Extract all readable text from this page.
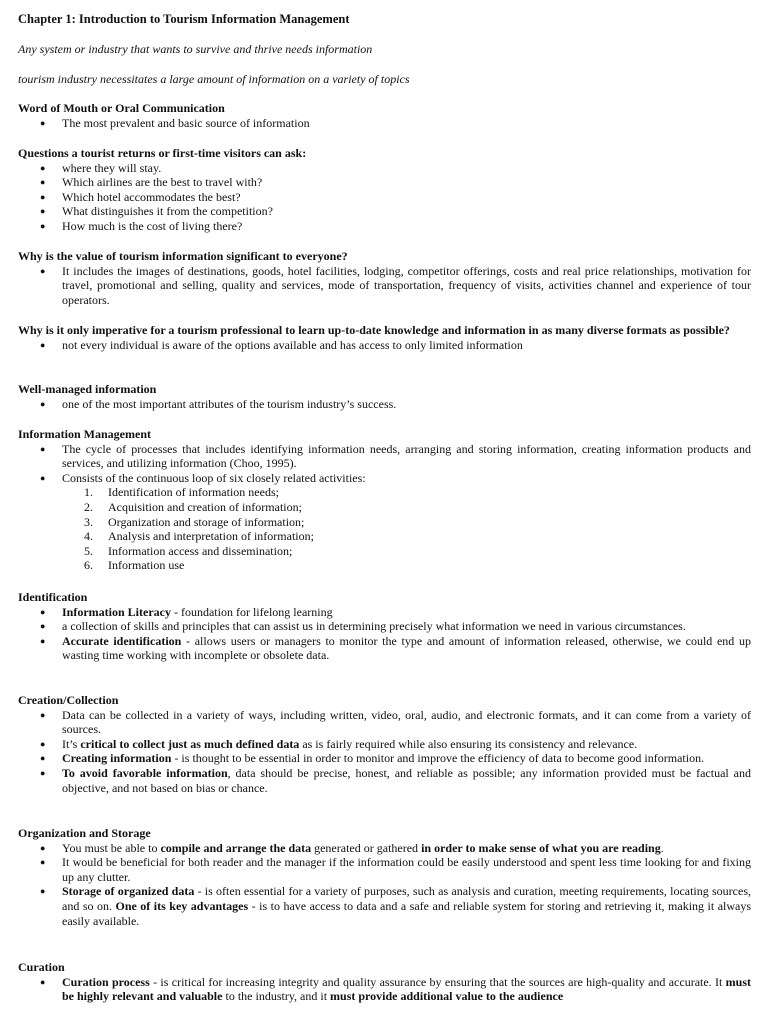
Chapter 1: Introduction to Tourism Information Management
Any system or industry that wants to survive and thrive needs information
tourism industry necessitates a large amount of information on a variety of topics
Word of Mouth or Oral Communication
● The most prevalent and basic source of information
Questions a tourist returns or first-time visitors can ask:
● where they will stay.
● Which airlines are the best to travel with?
● Which hotel accommodates the best?
● What distinguishes it from the competition?
● How much is the cost of living there?
Why is the value of tourism information significant to everyone?
● It includes the images of destinations, goods, hotel facilities, lodging, competitor offerings, costs and real price relationships, motivation for travel, promotional and selling, quality and services, mode of transportation, frequency of visits, activities channel and experience of tour operators.
Why is it only imperative for a tourism professional to learn up-to-date knowledge and information in as many diverse formats as possible?
● not every individual is aware of the options available and has access to only limited information
Well-managed information
● one of the most important attributes of the tourism industry’s success.
Information Management
● The cycle of processes that includes identifying information needs, arranging and storing information, creating information products and services, and utilizing information (Choo, 1995).
● Consists of the continuous loop of six closely related activities:
1. Identification of information needs;
2. Acquisition and creation of information;
3. Organization and storage of information;
4. Analysis and interpretation of information;
5. Information access and dissemination;
6. Information use
Identification
● Information Literacy - foundation for lifelong learning
● a collection of skills and principles that can assist us in determining precisely what information we need in various circumstances.
● Accurate identification - allows users or managers to monitor the type and amount of information released, otherwise, we could end up wasting time working with incomplete or obsolete data.
Creation/Collection
● Data can be collected in a variety of ways, including written, video, oral, audio, and electronic formats, and it can come from a variety of sources.
● It’s critical to collect just as much defined data as is fairly required while also ensuring its consistency and relevance.
● Creating information - is thought to be essential in order to monitor and improve the efficiency of data to become good information.
● To avoid favorable information, data should be precise, honest, and reliable as possible; any information provided must be factual and objective, and not based on bias or chance.
Organization and Storage
● You must be able to compile and arrange the data generated or gathered in order to make sense of what you are reading.
● It would be beneficial for both reader and the manager if the information could be easily understood and spent less time looking for and fixing up any clutter.
● Storage of organized data - is often essential for a variety of purposes, such as analysis and curation, meeting requirements, locating sources, and so on. One of its key advantages - is to have access to data and a safe and reliable system for storing and retrieving it, making it always easily available.
Curation
● Curation process - is critical for increasing integrity and quality assurance by ensuring that the sources are high-quality and accurate. It must be highly relevant and valuable to the industry, and it must provide additional value to the audience
